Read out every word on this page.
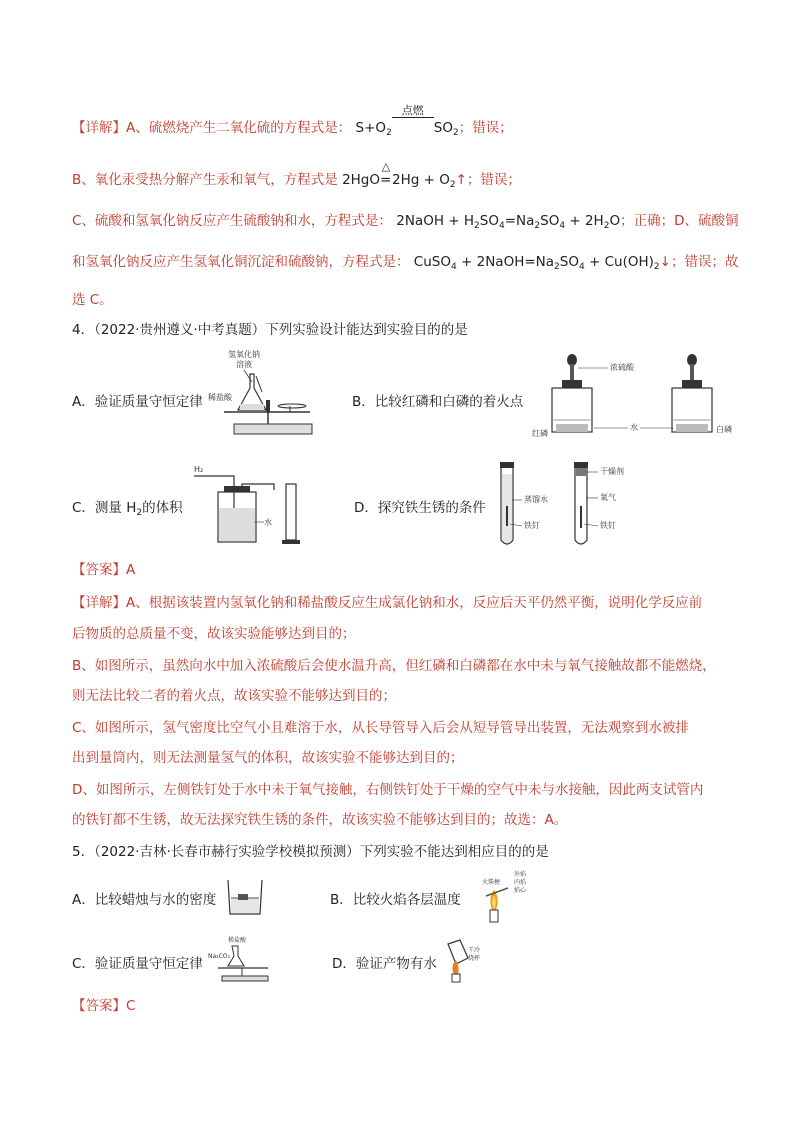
【详解】A、硫燃烧产生二氧化硫的方程式是： $S+O_2$
点燃
$SO_2$；错误；
B、氧化汞受热分解产生汞和氧气，方程式是 2HgO
△
$=2Hg + O_2↑$；错误；
C、硫酸和氢氧化钠反应产生硫酸钠和水，方程式是： 2NaOH + $H_2SO_4=Na_2SO_4 + 2H_2O$；正确；D、硫酸铜
和氢氧化钠反应产生氢氧化铜沉淀和硫酸钠，方程式是： CuSO$_4$ + $2NaOH=Na_2SO_4$ + $Cu(OH)_2↓$；错误；故
选 C。
4．（2022·贵州遵义·中考真题）下列实验设计能达到实验目的的是
A．验证质量守恒定律
氢氧化钠
溶液
稀盐酸	B．比较红磷和白磷的着火点
浓硫酸
红磷
水	白磷
C．测量 $H_2$的体积
H₂
水
D．探究铁生锈的条件
蒸馏水
铁钉
干燥剂
氧气
铁钉
【答案】A
【详解】A、根据该装置内氢氧化钠和稀盐酸反应生成氯化钠和水，反应后天平仍然平衡，说明化学反应前
后物质的总质量不变，故该实验能够达到目的；
B、如图所示，虽然向水中加入浓硫酸后会使水温升高，但红磷和白磷都在水中未与氧气接触故都不能燃烧，
则无法比较二者的着火点，故该实验不能够达到目的；
C、如图所示，氢气密度比空气小且难溶于水，从长导管导入后会从短导管导出装置，无法观察到水被排
出到量筒内，则无法测量氢气的体积，故该实验不能够达到目的；
D、如图所示，左侧铁钉处于水中未于氧气接触，右侧铁钉处于干燥的空气中未与水接触，因此两支试管内
的铁钉都不生锈，故无法探究铁生锈的条件，故该实验不能够达到目的；故选：A。
5．（2022·吉林·长春市赫行实验学校模拟预测）下列实验不能达到相应目的的是
A．比较蜡烛与水的密度	B．比较火焰各层温度
火柴梗
外焰
内焰
焰心
C．验证质量守恒定律
稀盐酸
Na₂CO₃	D．验证产物有水
干冷
烧杯
【答案】C
